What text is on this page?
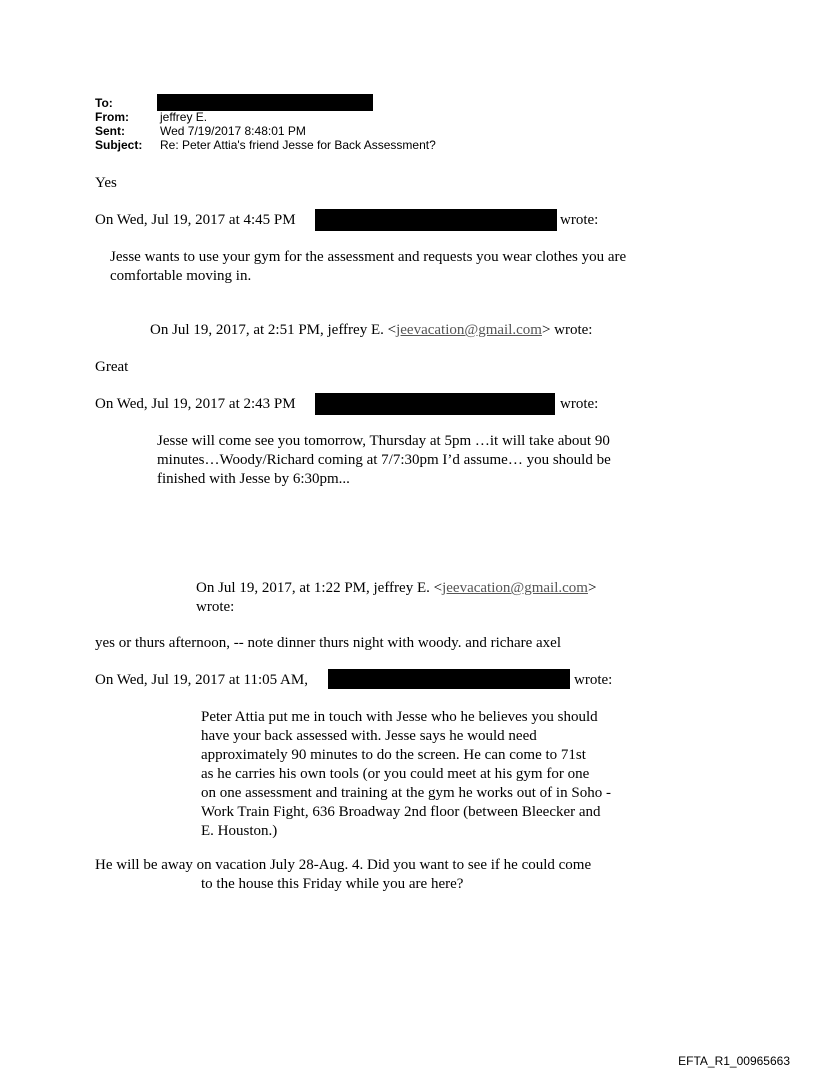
To:
From:	jeffrey E.
Sent:	Wed 7/19/2017 8:48:01 PM
Subject: Re: Peter Attia's friend Jesse for Back Assessment?
Yes
On Wed, Jul 19, 2017 at 4:45 PM	wrote:
Jesse wants to use your gym for the assessment and requests you wear clothes you are
comfortable moving in.
On Jul 19, 2017, at 2:51 PM, jeffrey E. <jeevacation@gmail.com> wrote:
Great
On Wed, Jul 19, 2017 at 2:43 PM	wrote:
Jesse will come see you tomorrow, Thursday at 5pm …it will take about 90
minutes…Woody/Richard coming at 7/7:30pm I’d assume… you should be
finished with Jesse by 6:30pm...
On Jul 19, 2017, at 1:22 PM, jeffrey E. <jeevacation@gmail.com>
wrote:
yes or thurs afternoon, -- note dinner thurs night with woody. and richare axel
On Wed, Jul 19, 2017 at 11:05 AM,	wrote:
Peter Attia put me in touch with Jesse who he believes you should
have your back assessed with. Jesse says he would need
approximately 90 minutes to do the screen. He can come to 71st
as he carries his own tools (or you could meet at his gym for one
on one assessment and training at the gym he works out of in Soho -
Work Train Fight, 636 Broadway 2nd floor (between Bleecker and
E. Houston.)
He will be away on vacation July 28-Aug. 4. Did you want to see if he could come
to the house this Friday while you are here?
EFTA_R1_00965663
